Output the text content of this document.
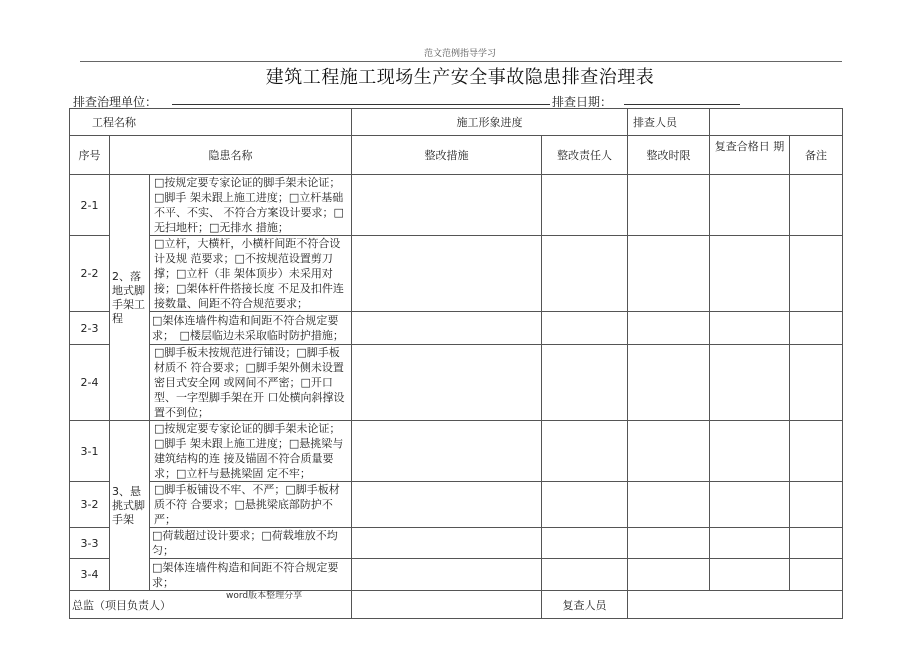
范文范例指导学习
建筑工程施工现场生产安全事故隐患排查治理表
排查治理单位：	排查日期：
工程名称			施工形象进度		排查人员		
序号	隐患名称		整改措施	整改责任人	整改时限	复查合格日 期	备注
2-1	2、落地式脚手架工程	□按规定要专家论证的脚手架未论证；□脚手 架未跟上施工进度；□立杆基础不平、不实、 不符合方案设计要求；□无扫地杆；□无排水 措施；					
2-2		□立杆，大横杆，小横杆间距不符合设计及规 范要求；□不按规范设置剪刀撑；□立杆（非 架体顶步）未采用对接；□架体杆件搭接长度 不足及扣件连接数量、间距不符合规范要求；					
2-3		□架体连墙件构造和间距不符合规定要求；　□楼层临边未采取临时防护措施；					
2-4		□脚手板未按规范进行铺设；□脚手板材质不 符合要求；□脚手架外侧未设置密目式安全网 或网间不严密；□开口型、一字型脚手架在开 口处横向斜撑设置不到位；					
3-1	3、悬挑式脚手架	□按规定要专家论证的脚手架未论证；□脚手 架未跟上施工进度；□悬挑梁与建筑结构的连 接及锚固不符合质量要求；□立杆与悬挑梁固 定不牢；					
3-2		□脚手板铺设不牢、不严；□脚手板材质不符 合要求；□悬挑梁底部防护不严；					
3-3		□荷载超过设计要求；□荷载堆放不均匀；					
3-4		□架体连墙件构造和间距不符合规定要求；					
总监（项目负责人）				复查人员			
word版本整理分享
